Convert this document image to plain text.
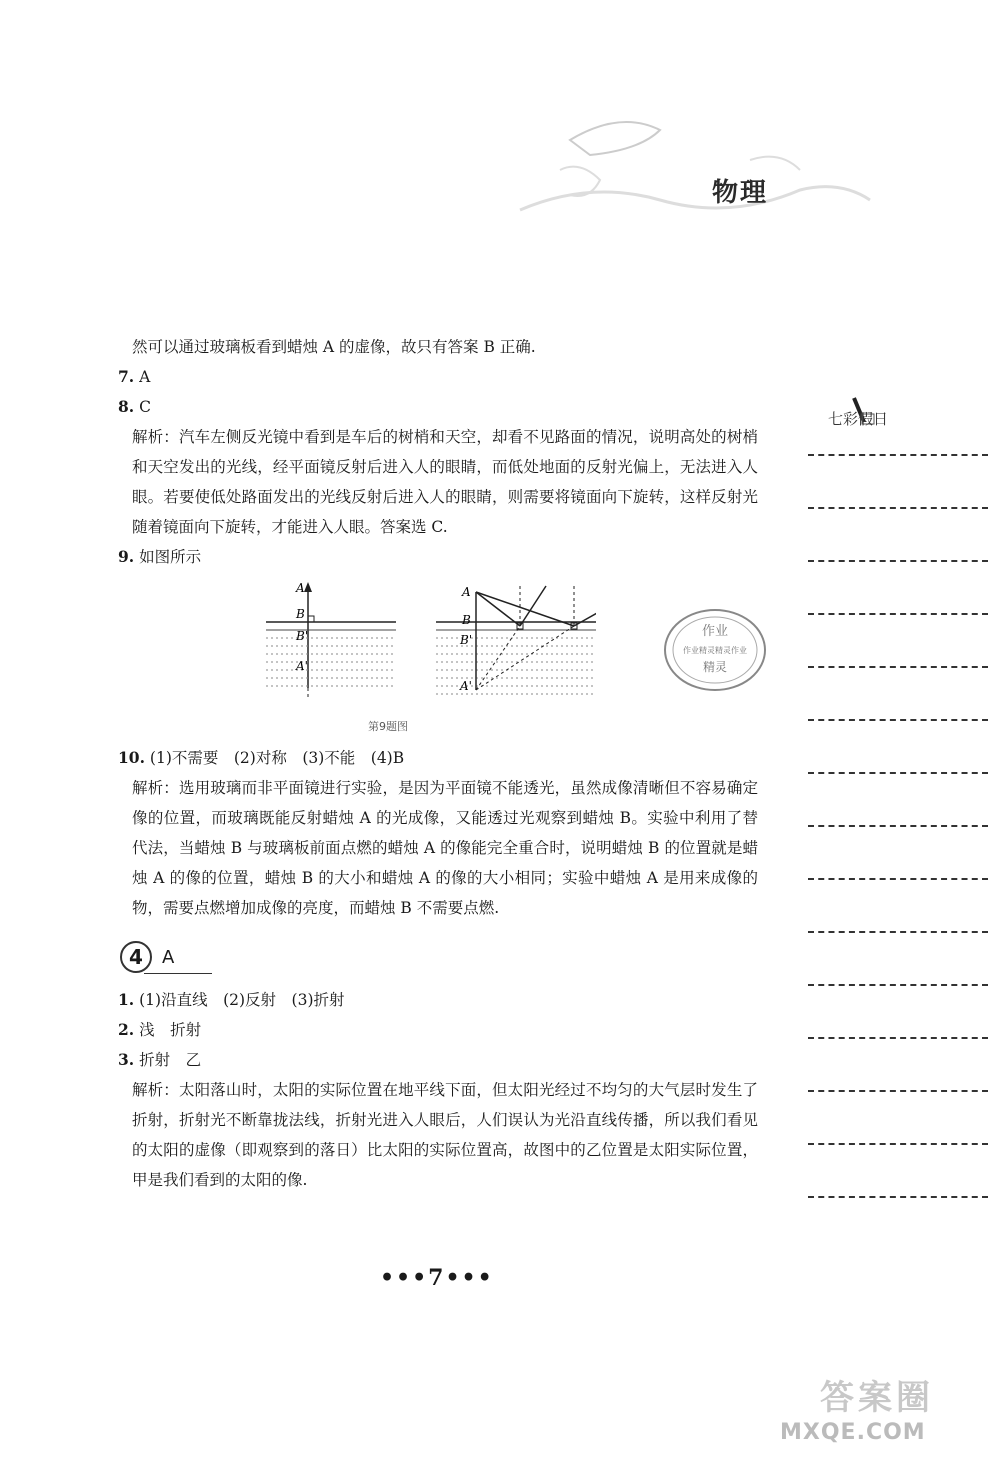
物理
然可以通过玻璃板看到蜡烛 A 的虚像，故只有答案 B 正确.
7. A
8. C
解析：汽车左侧反光镜中看到是车后的树梢和天空，却看不见路面的情况，说明高处的树梢和天空发出的光线，经平面镜反射后进入人的眼睛，而低处地面的反射光偏上，无法进入人眼。若要使低处路面发出的光线反射后进入人的眼睛，则需要将镜面向下旋转，这样反射光随着镜面向下旋转，才能进入人眼。答案选 C.
9. 如图所示
A
B
B'
A'
A
B
B'
A'
第9题图
10. (1)不需要　(2)对称　(3)不能　(4)B
解析：选用玻璃而非平面镜进行实验，是因为平面镜不能透光，虽然成像清晰但不容易确定像的位置，而玻璃既能反射蜡烛 A 的光成像，又能透过光观察到蜡烛 B。实验中利用了替代法，当蜡烛 B 与玻璃板前面点燃的蜡烛 A 的像能完全重合时，说明蜡烛 B 的位置就是蜡烛 A 的像的位置，蜡烛 B 的大小和蜡烛 A 的像的大小相同；实验中蜡烛 A 是用来成像的物，需要点燃增加成像的亮度，而蜡烛 B 不需要点燃.
4	A
1. (1)沿直线　(2)反射　(3)折射
2. 浅　折射
3. 折射　乙
解析：太阳落山时，太阳的实际位置在地平线下面，但太阳光经过不均匀的大气层时发生了折射，折射光不断靠拢法线，折射光进入人眼后，人们误认为光沿直线传播，所以我们看见的太阳的虚像（即观察到的落日）比太阳的实际位置高，故图中的乙位置是太阳实际位置，甲是我们看到的太阳的像.
作业
作业精灵精灵作业
精灵
七彩假日
•••7•••
答案圈
MXQE.COM
